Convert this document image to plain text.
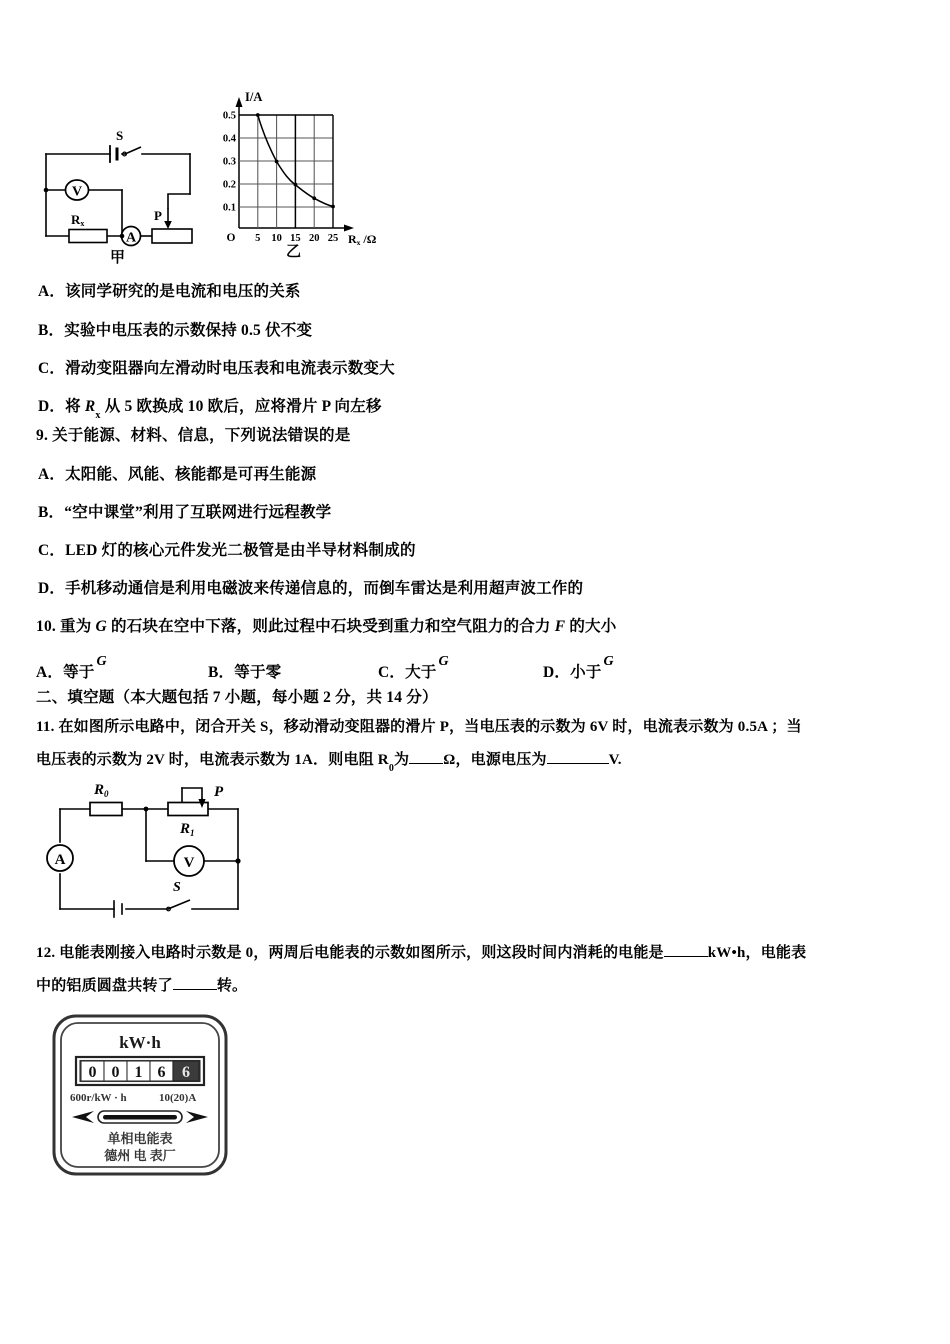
V
A
S
Rx
P
甲
0.5
0.4
0.3
0.2
0.1
5 10 15 20 25
O
I/A
Rx /Ω
乙
A．该同学研究的是电流和电压的关系
B．实验中电压表的示数保持 0.5 伏不变
C．滑动变阻器向左滑动时电压表和电流表示数变大
D．将 $R_x$ 从 5 欧换成 10 欧后，应将滑片 P 向左移
9. 关于能源、材料、信息，下列说法错误的是
A．太阳能、风能、核能都是可再生能源
B．“空中课堂”利用了互联网进行远程教学
C．LED 灯的核心元件发光二极管是由半导材料制成的
D．手机移动通信是利用电磁波来传递信息的，而倒车雷达是利用超声波工作的
10. 重为 G 的石块在空中下落，则此过程中石块受到重力和空气阻力的合力 F 的大小
A．等于G
B．等于零	C．大于G
D．小于G
二、填空题（本大题包括 7 小题，每小题 2 分，共 14 分）
11. 在如图所示电路中，闭合开关 S，移动滑动变阻器的滑片 P，当电压表的示数为 6V 时，电流表示数为 0.5A ；当
电压表的示数为 2V 时，电流表示数为 1A．则电阻 $R_0$为 Ω，电源电压为	V.
A	V
$R_0$	P
$R_1$
S
12. 电能表刚接入电路时示数是 0，两周后电能表的示数如图所示，则这段时间内消耗的电能是	kW•h，电能表
中的铝质圆盘共转了	转。
kW·h
0 0 1 6 6
600r/kW · h	10(20)A
单相电能表
德州 电 表厂
